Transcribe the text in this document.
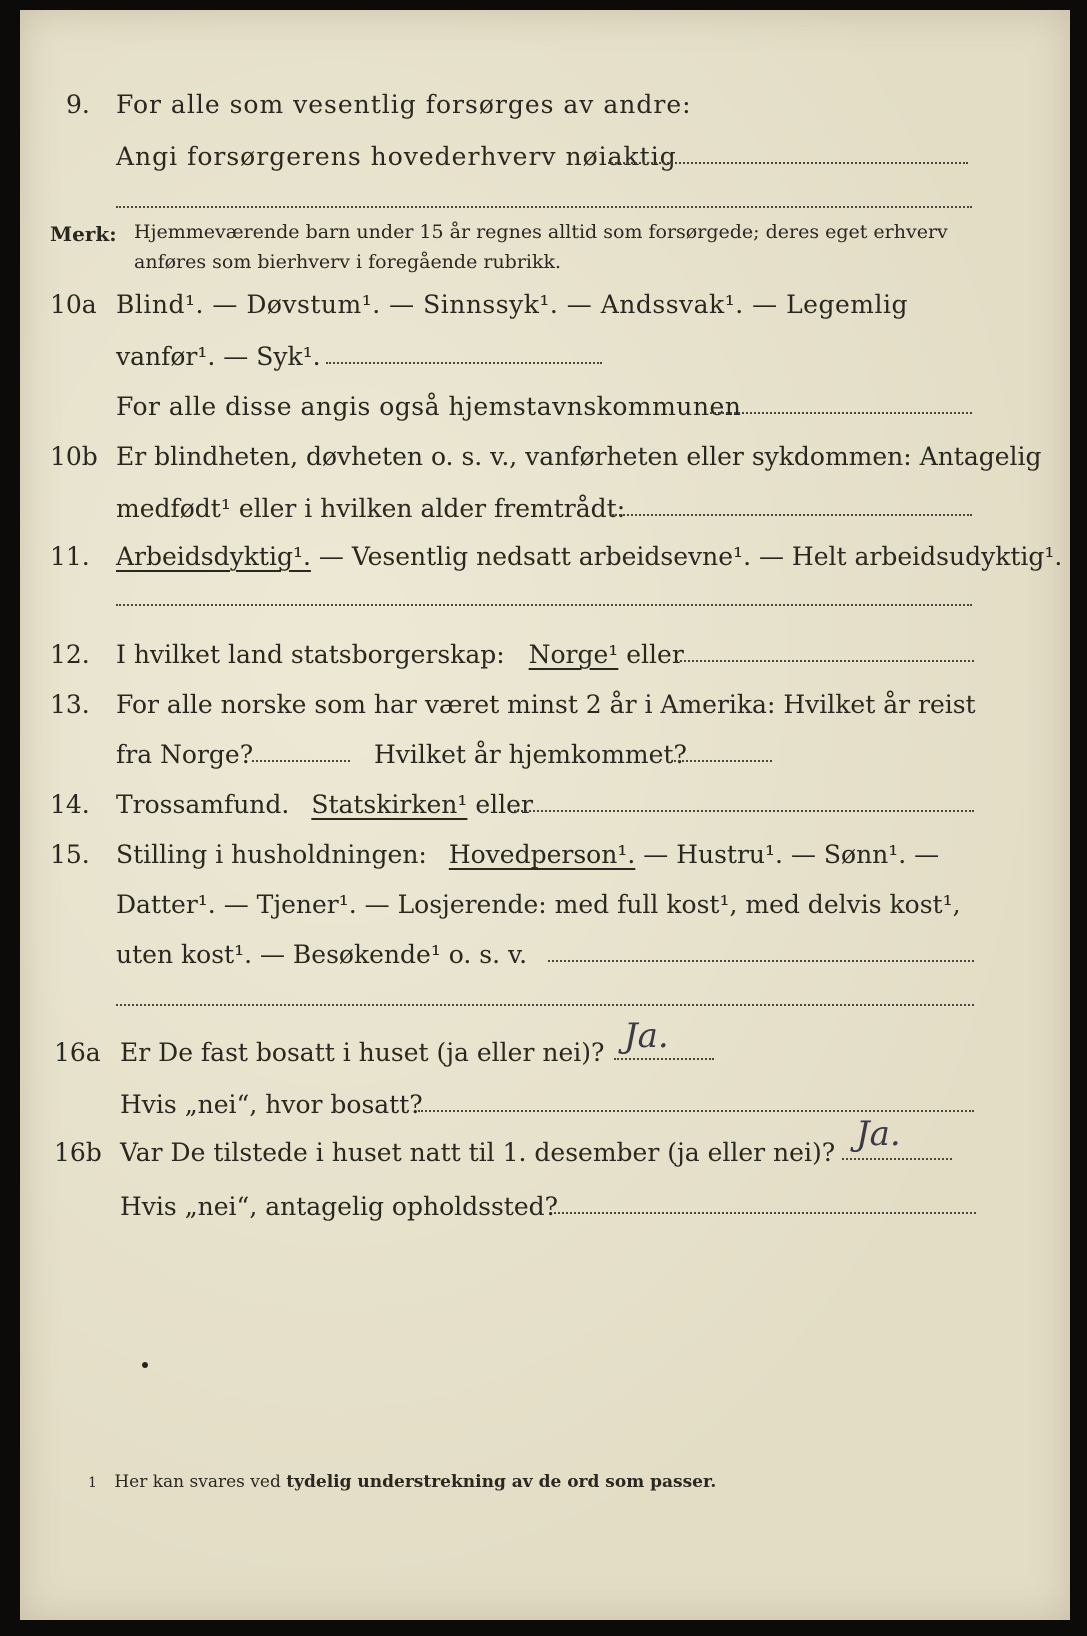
9. For alle som vesentlig forsørges av andre:
Angi forsørgerens hovederhverv nøiaktig
Merk: Hjemmeværende barn under 15 år regnes alltid som forsørgede; deres eget erhverv
anføres som bierhverv i foregående rubrikk.
10a Blind¹. — Døvstum¹. — Sinnssyk¹. — Andssvak¹. — Legemlig
vanfør¹. — Syk¹.
For alle disse angis også hjemstavnskommunen
10b Er blindheten, døvheten o. s. v., vanførheten eller sykdommen: Antagelig
medfødt¹ eller i hvilken alder fremtrådt:
11. Arbeidsdyktig¹. — Vesentlig nedsatt arbeidsevne¹. — Helt arbeidsudyktig¹.
12. I hvilket land statsborgerskap: Norge¹ eller
13. For alle norske som har været minst 2 år i Amerika: Hvilket år reist
fra Norge?	Hvilket år hjemkommet?
14. Trossamfund. Statskirken¹ eller
15. Stilling i husholdningen: Hovedperson¹. — Hustru¹. — Sønn¹. —
Datter¹. — Tjener¹. — Losjerende: med full kost¹, med delvis kost¹,
uten kost¹. — Besøkende¹ o. s. v.
16a Er De fast bosatt i huset (ja eller nei)? Ja.
Hvis „nei“, hvor bosatt?
16b Var De tilstede i huset natt til 1. desember (ja eller nei)? Ja.
Hvis „nei“, antagelig opholdssted?
1 Her kan svares ved tydelig understrekning av de ord som passer.
